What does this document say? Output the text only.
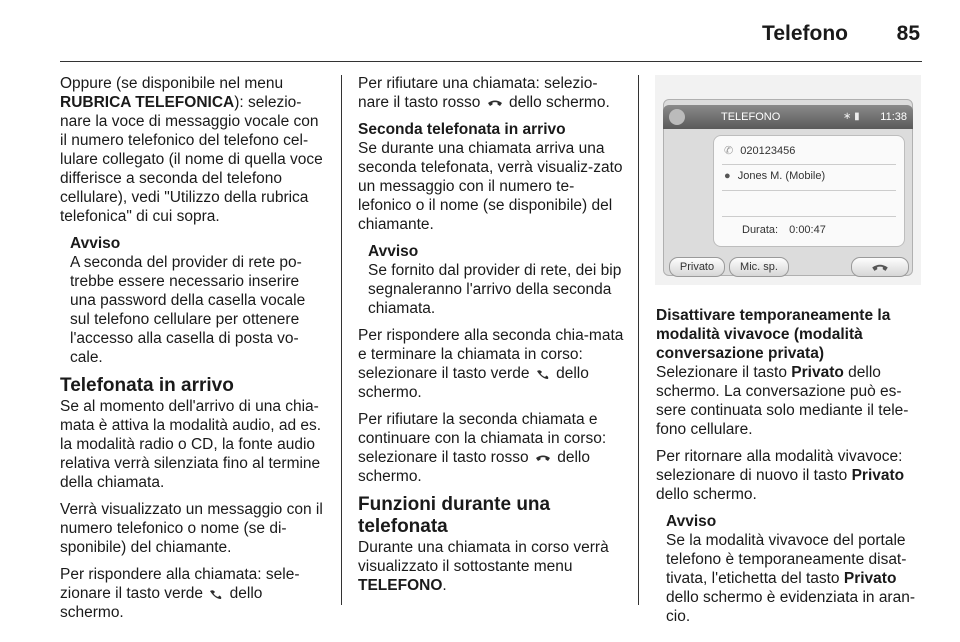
Telefono	85

Oppure (se disponibile nel menu RUBRICA TELEFONICA): selezio-nare la voce di messaggio vocale con il numero telefonico del telefono cel-lulare collegato (il nome di quella voce differisce a seconda del telefono cellulare), vedi "Utilizzo della rubrica telefonica" di cui sopra.

Avviso
A seconda del provider di rete po-trebbe essere necessario inserire una password della casella vocale sul telefono cellulare per ottenere l'accesso alla casella di posta vo-cale.
Telefonata in arrivo

Se al momento dell'arrivo di una chia-mata è attiva la modalità audio, ad es. la modalità radio o CD, la fonte audio relativa verrà silenziata fino al termine della chiamata.

Verrà visualizzato un messaggio con il numero telefonico o nome (se di-sponibile) del chiamante.

Per rispondere alla chiamata: sele-zionare il tasto verde  dello schermo.

Per rifiutare una chiamata: selezio-nare il tasto rosso  dello schermo.

Seconda telefonata in arrivo

Se durante una chiamata arriva una seconda telefonata, verrà visualiz-zato un messaggio con il numero te-lefonico o il nome (se disponibile) del chiamante.

Avviso
Se fornito dal provider di rete, dei bip segnaleranno l'arrivo della seconda chiamata.

Per rispondere alla seconda chia-mata e terminare la chiamata in corso: selezionare il tasto verde  dello schermo.

Per rifiutare la seconda chiamata e continuare con la chiamata in corso: selezionare il tasto rosso  dello schermo.

Funzioni durante una telefonata

Durante una chiamata in corso verrà visualizzato il sottostante menu TELEFONO.

TELEFONO	∗ ▮	11:38
✆ 020123456
● Jones M. (Mobile)
Durata: 0:00:47
Privato	Mic. sp.
Disattivare temporaneamente la modalità vivavoce (modalità conversazione privata)

Selezionare il tasto Privato dello schermo. La conversazione può es-sere continuata solo mediante il tele-fono cellulare.

Per ritornare alla modalità vivavoce: selezionare di nuovo il tasto Privato dello schermo.

Avviso
Se la modalità vivavoce del portale telefono è temporaneamente disat-tivata, l'etichetta del tasto Privato dello schermo è evidenziata in aran-cio.
